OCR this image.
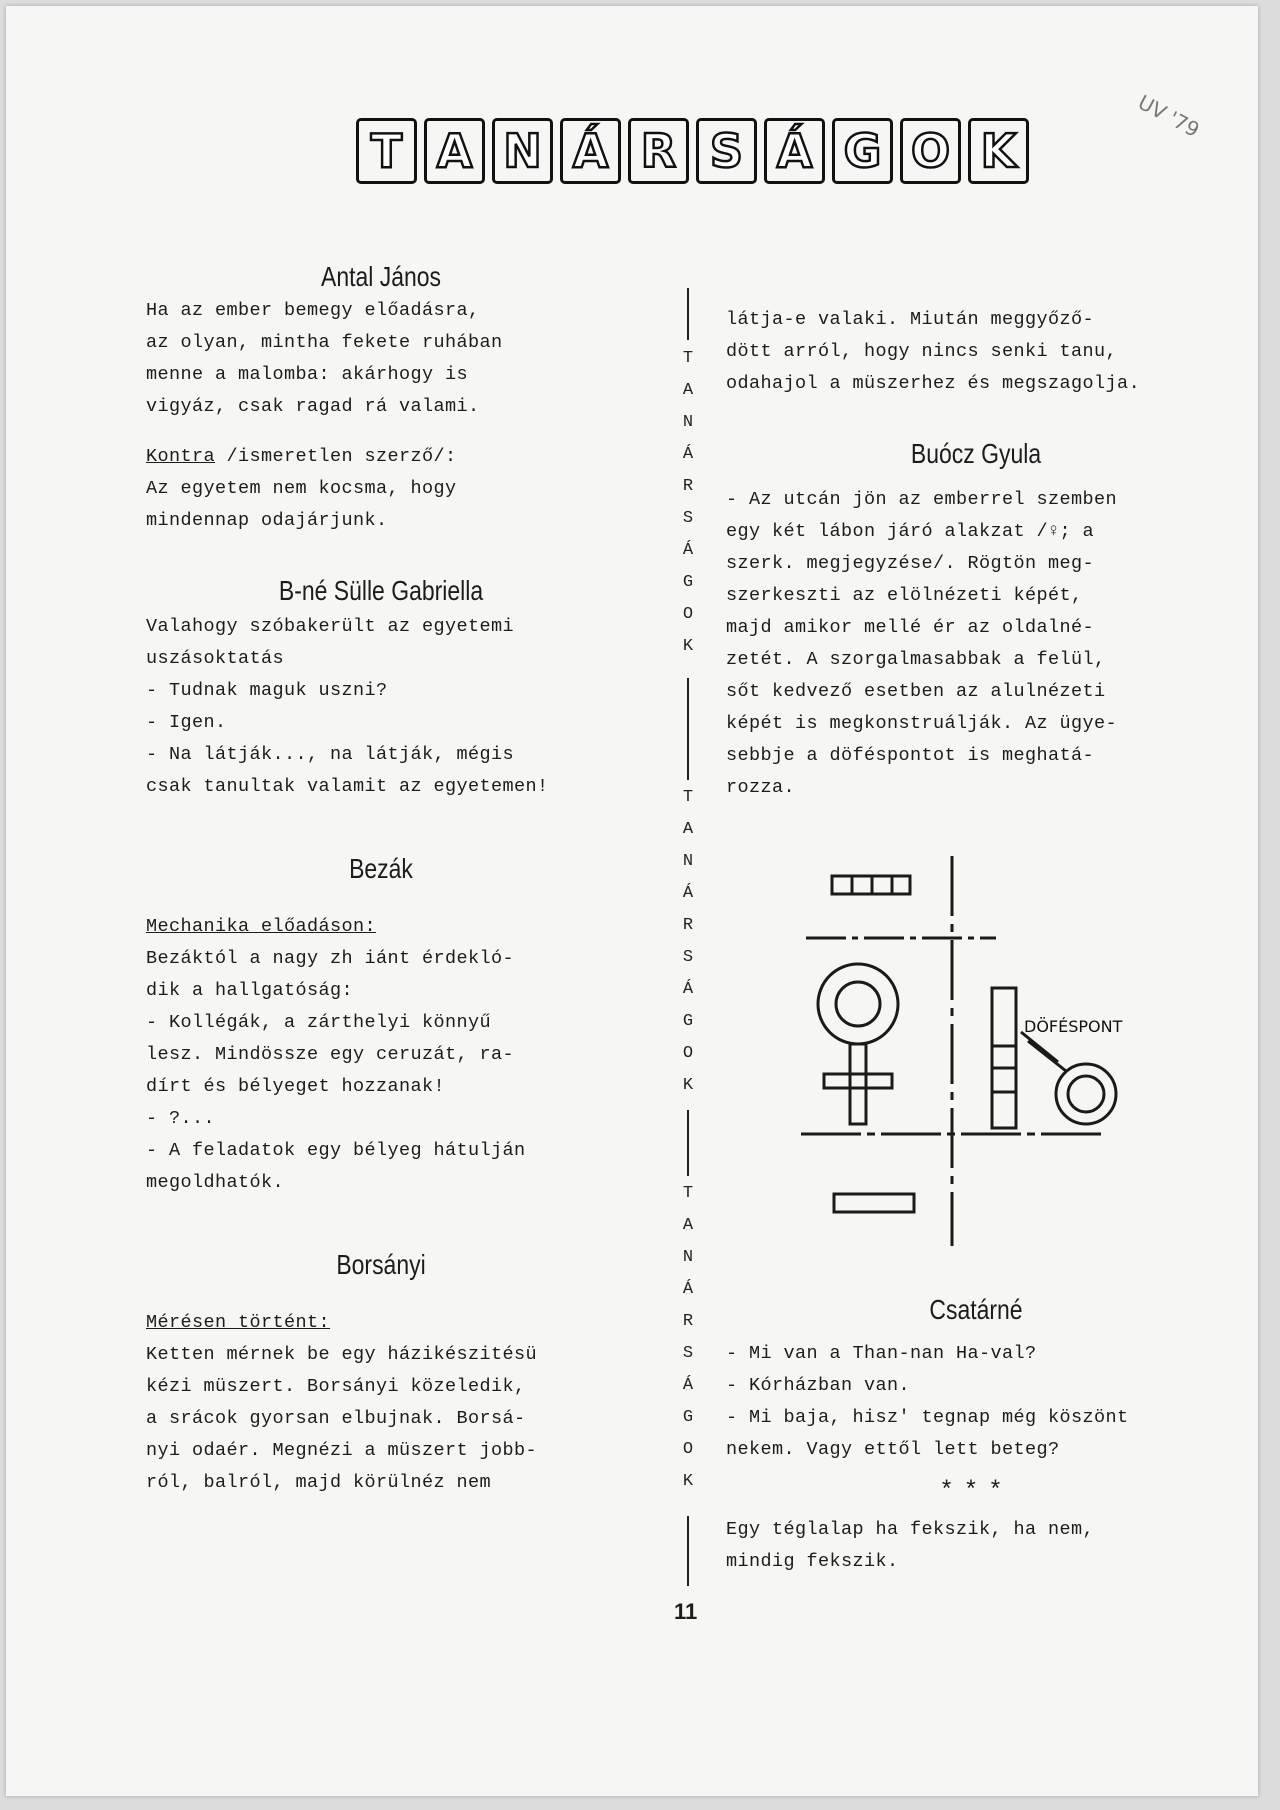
T A N Á R S Á G O K
UV '79

Antal János

Ha az ember bemegy előadásra,

az olyan, mintha fekete ruhában

menne a malomba: akárhogy is

vigyáz, csak ragad rá valami.

Kontra /ismeretlen szerző/:

Az egyetem nem kocsma, hogy

mindennap odajárjunk.

B-né Sülle Gabriella

Valahogy szóbakerült az egyetemi

uszásoktatás

- Tudnak maguk uszni?

- Igen.

- Na látják..., na látják, mégis

csak tanultak valamit az egyetemen!

Bezák

Mechanika előadáson:

Bezáktól a nagy zh iánt érdekló-

dik a hallgatóság:

- Kollégák, a zárthelyi könnyű

lesz. Mindössze egy ceruzát, ra-

dírt és bélyeget hozzanak!

- ?...

- A feladatok egy bélyeg hátulján

megoldhatók.

Borsányi

Mérésen történt:

Ketten mérnek be egy házikészitésü

kézi müszert. Borsányi közeledik,

a srácok gyorsan elbujnak. Borsá-

nyi odaér. Megnézi a müszert jobb-

ról, balról, majd körülnéz nem

T
A
N
Á
R
S
Á
G
O
K
T
A
N
Á
R
S
Á
G
O
K
T
A
N
Á
R
S
Á
G
O
K
11

látja-e valaki. Miután meggyőző-

dött arról, hogy nincs senki tanu,

odahajol a müszerhez és megszagolja.

Buócz Gyula

- Az utcán jön az emberrel szemben

egy két lábon járó alakzat /♀; a

szerk. megjegyzése/. Rögtön meg-

szerkeszti az elölnézeti képét,

majd amikor mellé ér az oldalné-

zetét. A szorgalmasabbak a felül,

sőt kedvező esetben az alulnézeti

képét is megkonstruálják. Az ügye-

sebbje a döféspontot is meghatá-

rozza.

DÖFÉSPONT

Csatárné

- Mi van a Than-nan Ha-val?

- Kórházban van.

- Mi baja, hisz' tegnap még köszönt

nekem. Vagy ettől lett beteg?

***

Egy téglalap ha fekszik, ha nem,

mindig fekszik.
